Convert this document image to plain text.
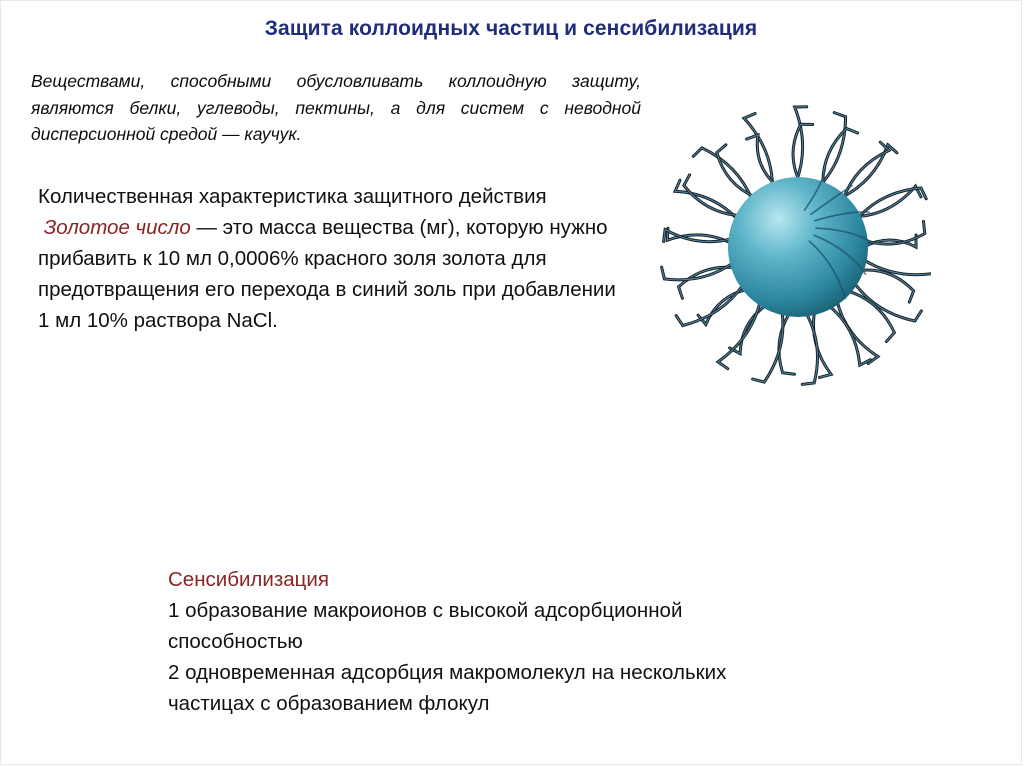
Защита коллоидных частиц и сенсибилизация

Веществами, способными обусловливать коллоидную защиту, являются белки, углеводы, пектины, а для систем с неводной дисперсионной средой — каучук.

Количественная характеристика защитного действия
Золотое число — это масса вещества (мг), которую нужно прибавить к 10 мл 0,0006% красного золя золота для предотвращения его перехода в синий золь при добавлении 1 мл 10% раствора NaCl.

Сенсибилизация
1 образование макроионов с высокой адсорбционной способностью
2 одновременная адсорбция макромолекул на нескольких частицах с образованием флокул
